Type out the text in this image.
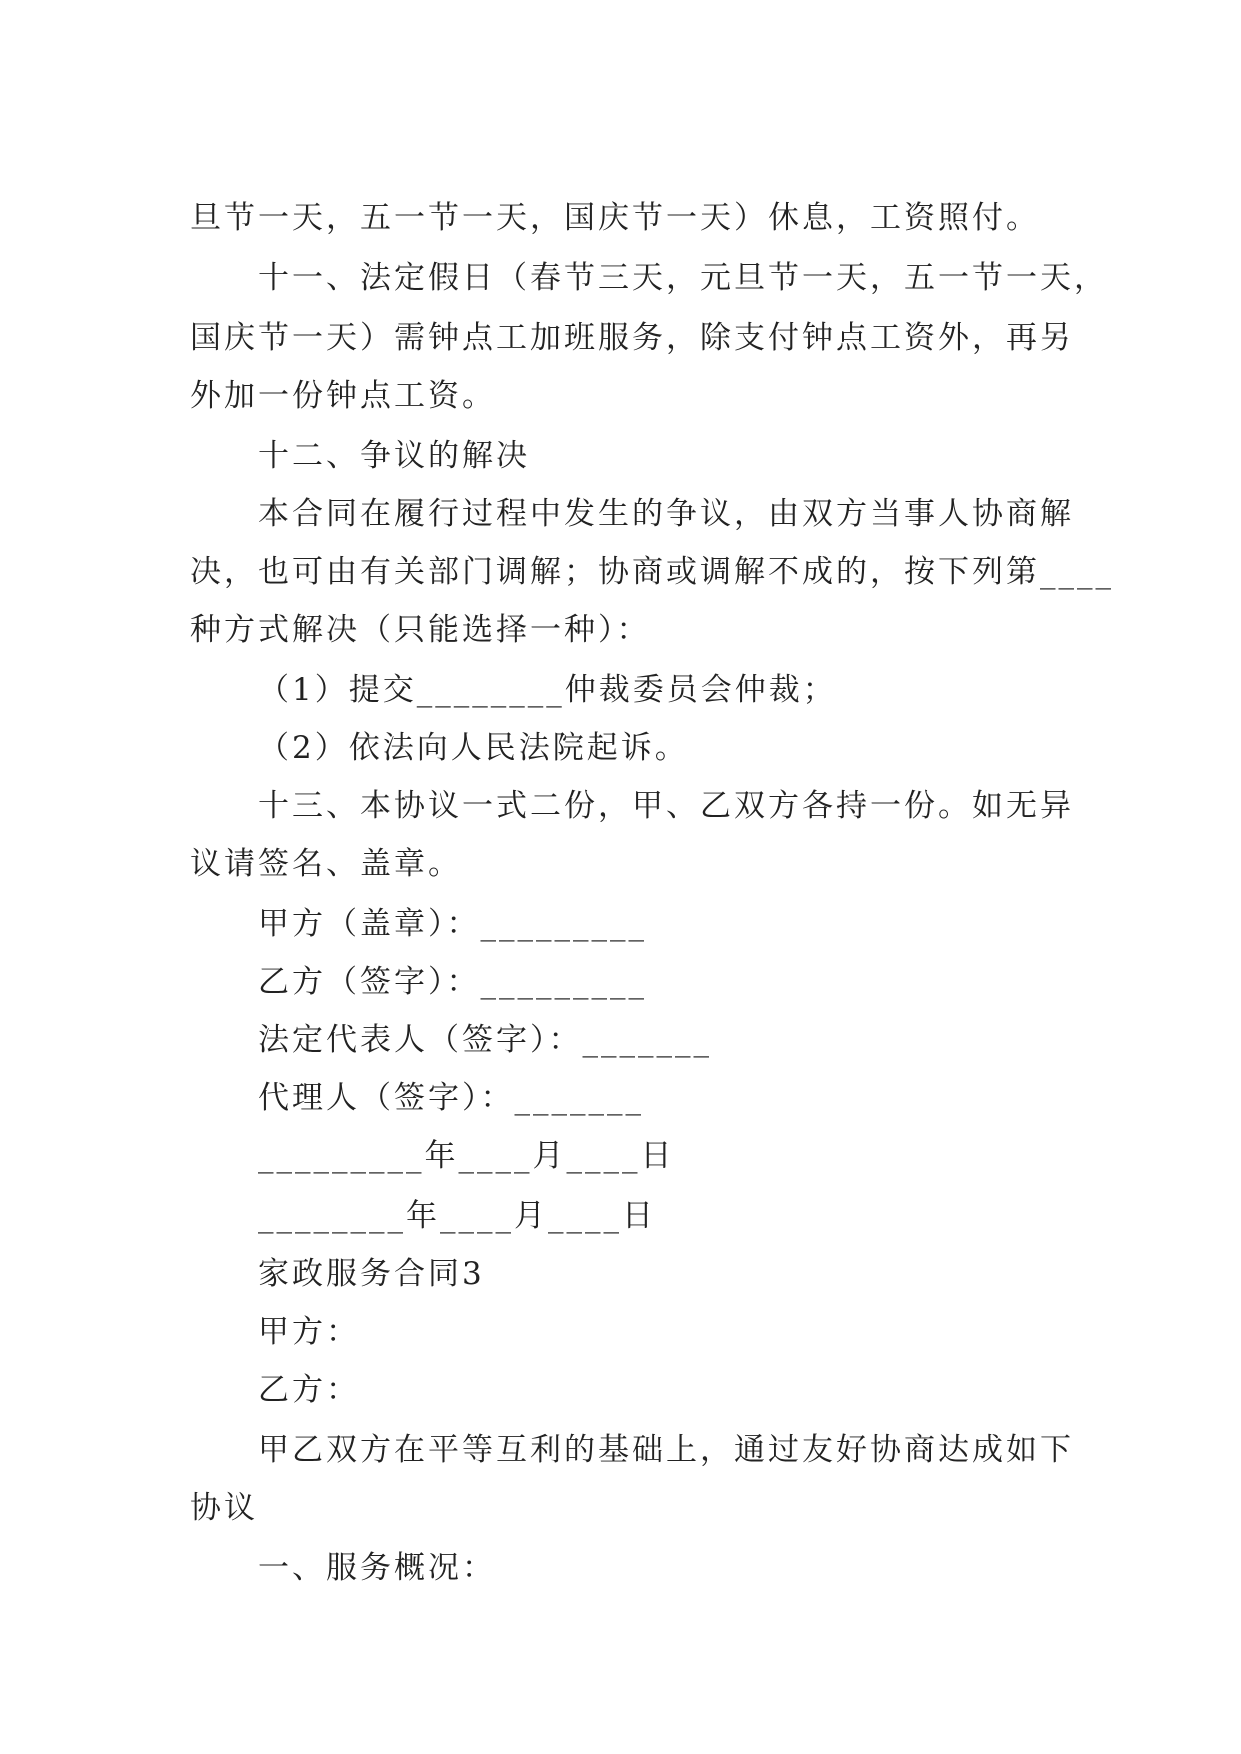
旦节一天，五一节一天，国庆节一天）休息，工资照付。

十一、法定假日（春节三天，元旦节一天，五一节一天，

国庆节一天）需钟点工加班服务，除支付钟点工资外，再另

外加一份钟点工资。

十二、争议的解决

本合同在履行过程中发生的争议，由双方当事人协商解

决，也可由有关部门调解；协商或调解不成的，按下列第____

种方式解决（只能选择一种）：

（1）提交________仲裁委员会仲裁；

（2）依法向人民法院起诉。

十三、本协议一式二份，甲、乙双方各持一份。如无异

议请签名、盖章。

甲方（盖章）：_________

乙方（签字）：_________

法定代表人（签字）：_______

代理人（签字）：_______

_________年____月____日

________年____月____日

家政服务合同3

甲方：

乙方：

甲乙双方在平等互利的基础上，通过友好协商达成如下

协议

一、服务概况：
